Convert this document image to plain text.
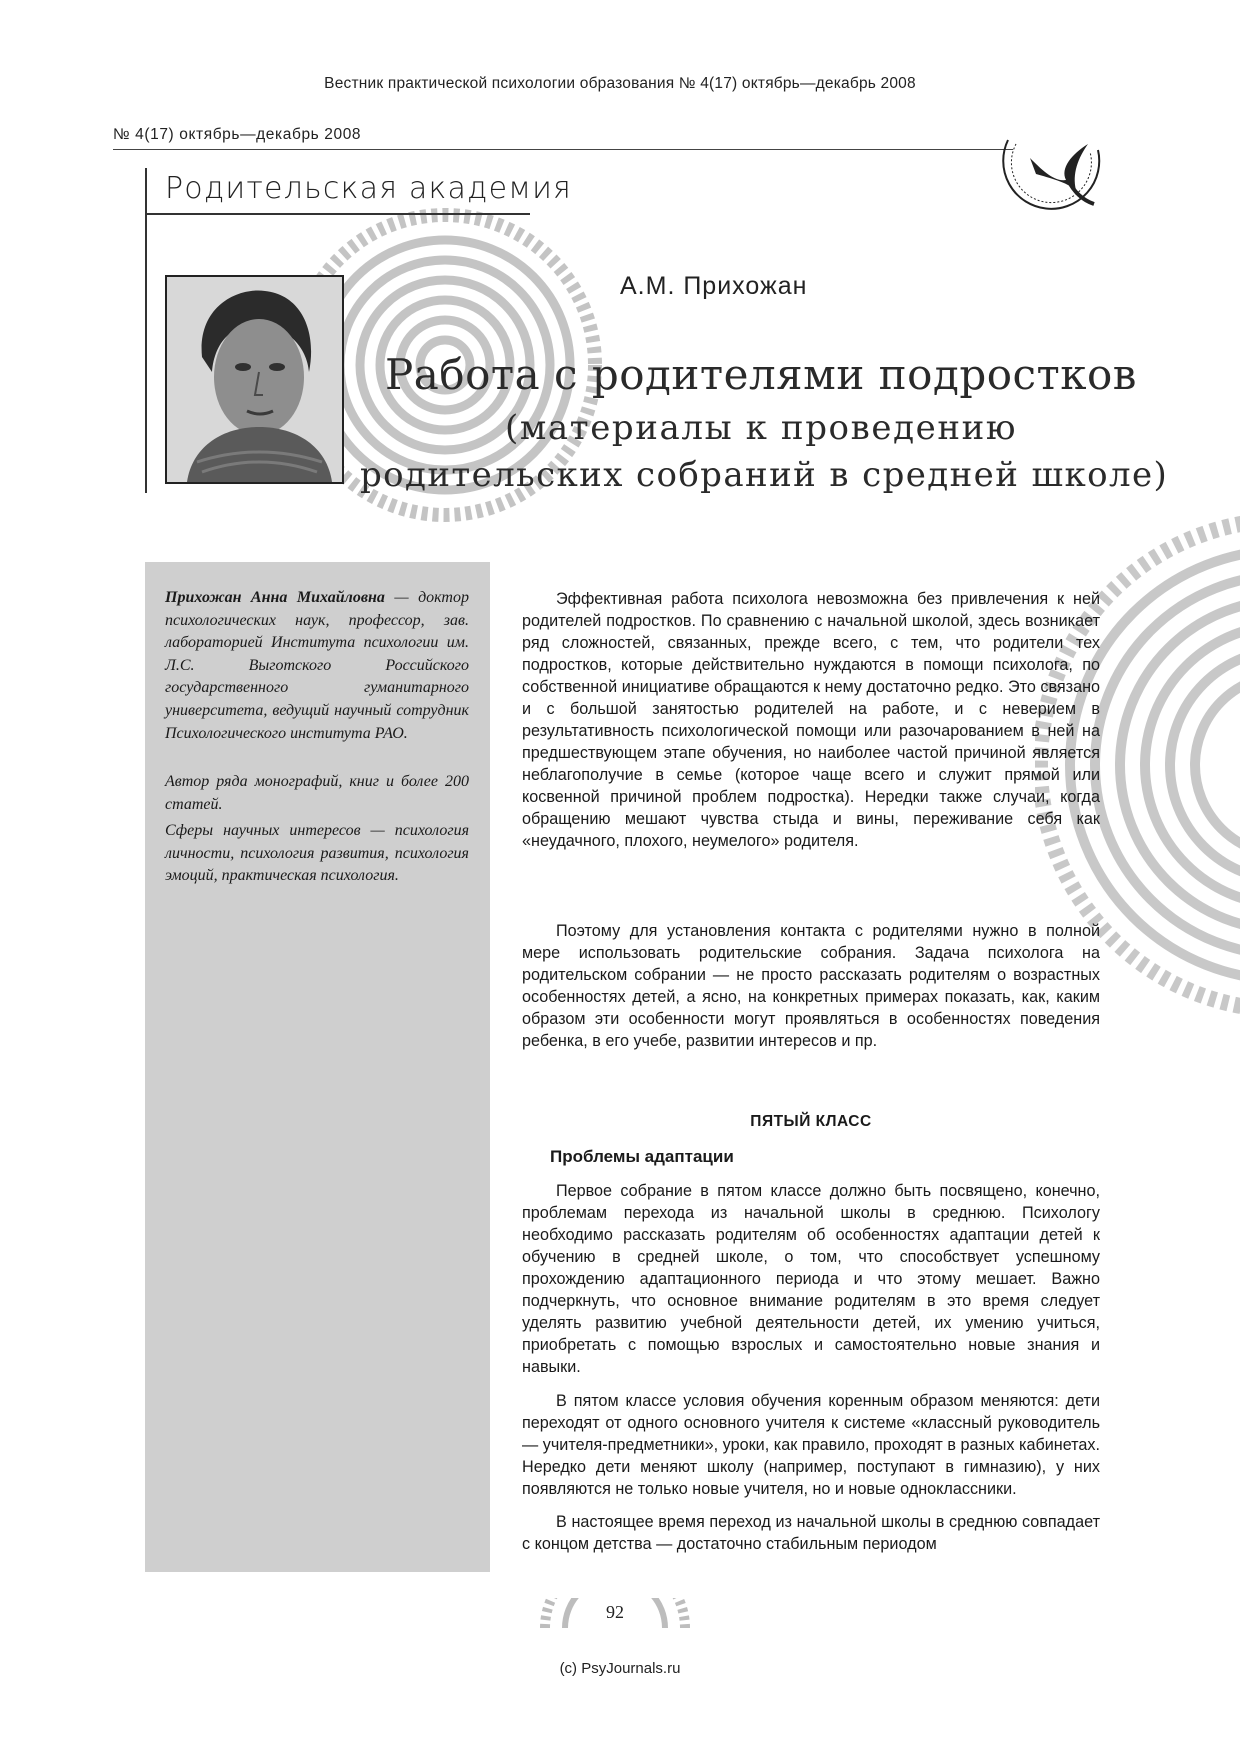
Вестник практической психологии образования № 4(17) октябрь—декабрь 2008
№ 4(17) октябрь—декабрь 2008
Родительская академия
А.М. Прихожан
Работа с родителями подростков
(материалы к проведению
родительских собраний в средней школе)

Прихожан Анна Михайловна — доктор психологических наук, профессор, зав. лабораторией Института психологии им. Л.С. Выготского Российского государственного гуманитарного университета, ведущий научный сотрудник Психологического института РАО.

Автор ряда монографий, книг и более 200 статей.

Сферы научных интересов — психология личности, психология развития, психология эмоций, практическая психология.

Эффективная работа психолога невозможна без привлечения к ней родителей подростков. По сравнению с начальной школой, здесь возникает ряд сложностей, связанных, прежде всего, с тем, что родители тех подростков, которые действительно нуждаются в помощи психолога, по собственной инициативе обращаются к нему достаточно редко. Это связано и с большой занятостью родителей на работе, и с неверием в результативность психологической помощи или разочарованием в ней на предшествующем этапе обучения, но наиболее частой причиной является неблагополучие в семье (которое чаще всего и служит прямой или косвенной причиной проблем подростка). Нередки также случаи, когда обращению мешают чувства стыда и вины, переживание себя как «неудачного, плохого, неумелого» родителя.

Поэтому для установления контакта с родителями нужно в полной мере использовать родительские собрания. Задача психолога на родительском собрании — не просто рассказать родителям о возрастных особенностях детей, а ясно, на конкретных примерах показать, как, каким образом эти особенности могут проявляться в особенностях поведения ребенка, в его учебе, развитии интересов и пр.

ПЯТЫЙ КЛАСС
Проблемы адаптации

Первое собрание в пятом классе должно быть посвящено, конечно, проблемам перехода из начальной школы в среднюю. Психологу необходимо рассказать родителям об особенностях адаптации детей к обучению в средней школе, о том, что способствует успешному прохождению адаптационного периода и что этому мешает. Важно подчеркнуть, что основное внимание родителям в это время следует уделять развитию учебной деятельности детей, их умению учиться, приобретать с помощью взрослых и самостоятельно новые знания и навыки.

В пятом классе условия обучения коренным образом меняются: дети переходят от одного основного учителя к системе «классный руководитель — учителя-предметники», уроки, как правило, проходят в разных кабинетах. Нередко дети меняют школу (например, поступают в гимназию), у них появляются не только новые учителя, но и новые одноклассники.

В настоящее время переход из начальной школы в среднюю совпадает с концом детства — достаточно стабильным периодом

92
(c) PsyJournals.ru
